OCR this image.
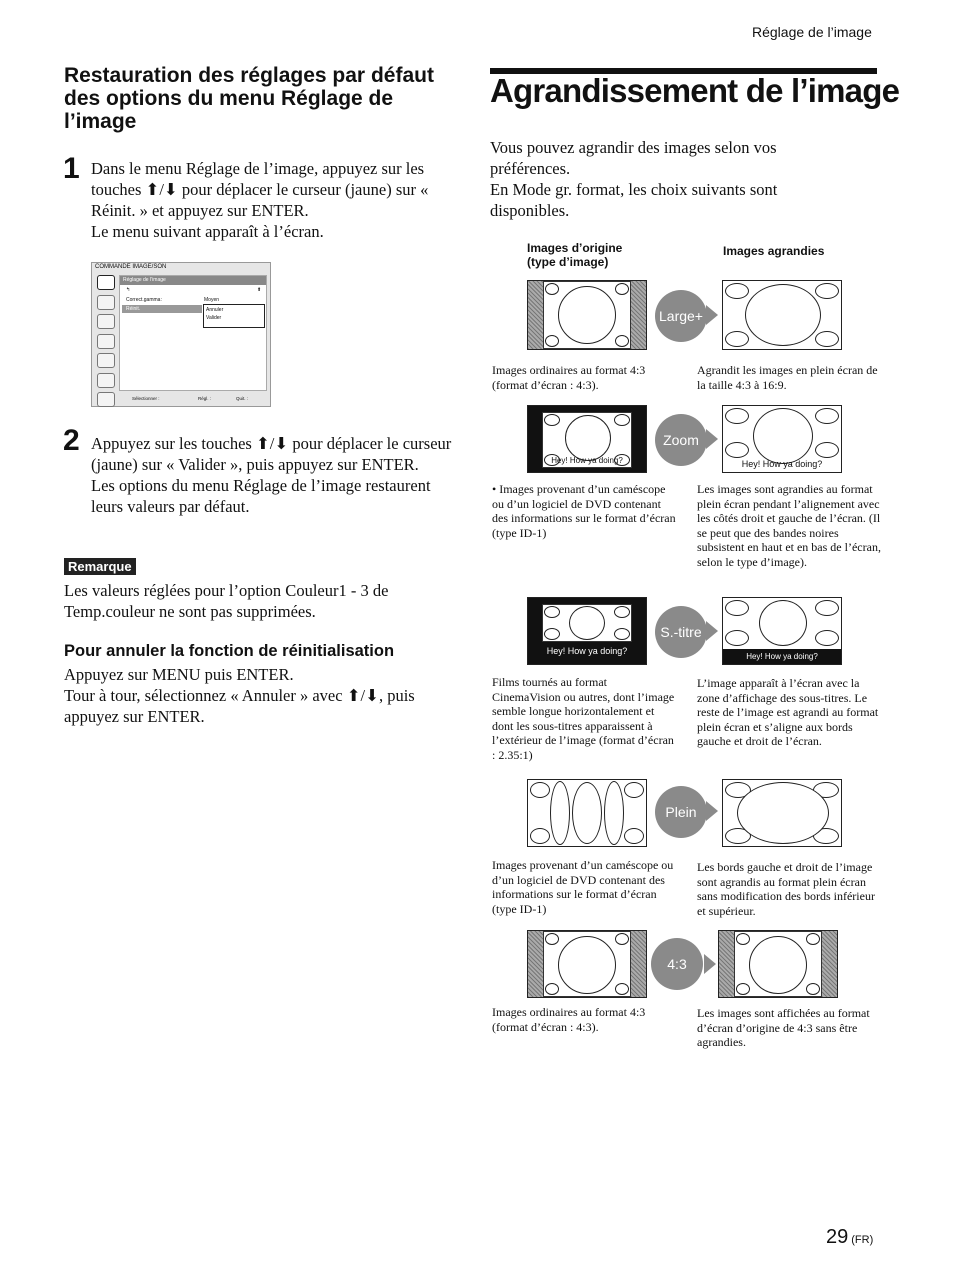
Réglage de l’image
Restauration des réglages par défaut des options du menu Réglage de l’image
1 Dans le menu Réglage de l’image, appuyez sur les touches ⬆/⬇ pour déplacer le curseur (jaune) sur « Réinit. » et appuyez sur ENTER.

Le menu suivant apparaît à l’écran.

COMMANDE IMAGE/SON
Réglage de l’image
↰	⬆
Correct.gamma:	Moyen
Réinit.	Annuler
Valider
Sélectionner :	Régl. :	Quit. :
2 Appuyez sur les touches ⬆/⬇ pour déplacer le curseur (jaune) sur « Valider », puis appuyez sur ENTER.

Les options du menu Réglage de l’image restaurent leurs valeurs par défaut.

Remarque
Les valeurs réglées pour l’option Couleur1 - 3 de Temp.couleur ne sont pas supprimées.
Pour annuler la fonction de réinitialisation

Appuyez sur MENU puis ENTER.

Tour à tour, sélectionnez « Annuler » avec ⬆/⬇, puis appuyez sur ENTER.

Agrandissement de l’image

Vous pouvez agrandir des images selon vos préférences.

En Mode gr. format, les choix suivants sont disponibles.

Images d’origine
(type d’image)
Images agrandies
Large+
Images ordinaires au format 4:3 (format d’écran : 4:3).
Agrandit les images en plein écran de la taille 4:3 à 16:9.
Hey! How ya doing?
Zoom
Hey! How ya doing?
• Images provenant d’un caméscope ou d’un logiciel de DVD contenant des informations sur le format d’écran (type ID-1)
Les images sont agrandies au format plein écran pendant l’alignement avec les côtés droit et gauche de l’écran. (Il se peut que des bandes noires subsistent en haut et en bas de l’écran, selon le type d’image).
Hey! How ya doing?
S.-titre
Hey! How ya doing?
Films tournés au format CinemaVision ou autres, dont l’image semble longue horizontalement et dont les sous-titres apparaissent à l’extérieur de l’image (format d’écran : 2.35:1)
L’image apparaît à l’écran avec la zone d’affichage des sous-titres. Le reste de l’image est agrandi au format plein écran et s’aligne aux bords gauche et droit de l’écran.
Plein
Images provenant d’un caméscope ou d’un logiciel de DVD contenant des informations sur le format d’écran (type ID-1)
Les bords gauche et droit de l’image sont agrandis au format plein écran sans modification des bords inférieur et supérieur.
4:3
Images ordinaires au format 4:3 (format d’écran : 4:3).
Les images sont affichées au format d’écran d’origine de 4:3 sans être agrandies.
29 (FR)
